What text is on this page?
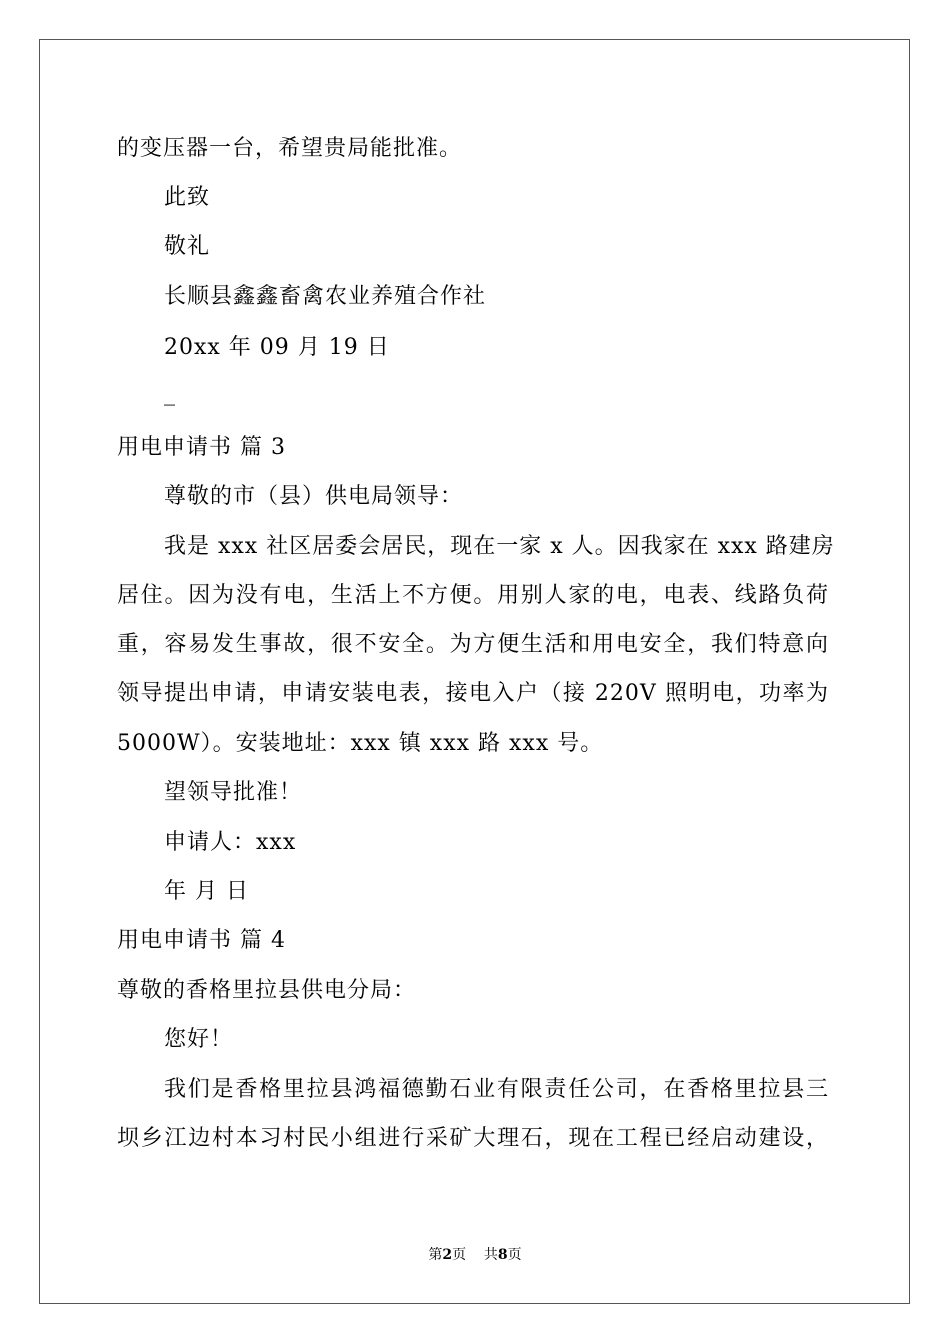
的变压器一台，希望贵局能批准。
此致
敬礼
长顺县鑫鑫畜禽农业养殖合作社
20xx 年 09 月 19 日
_
用电申请书 篇 3
尊敬的市（县）供电局领导：
我是 xxx 社区居委会居民，现在一家 x 人。因我家在 xxx 路建房
居住。因为没有电，生活上不方便。用别人家的电，电表、线路负荷
重，容易发生事故，很不安全。为方便生活和用电安全，我们特意向
领导提出申请，申请安装电表，接电入户（接 220V 照明电，功率为
5000W）。安装地址：xxx 镇 xxx 路 xxx 号。
望领导批准！
申请人：xxx
年 月 日
用电申请书 篇 4
尊敬的香格里拉县供电分局：
您好！
我们是香格里拉县鸿福德勤石业有限责任公司，在香格里拉县三
坝乡江边村本习村民小组进行采矿大理石，现在工程已经启动建设，
第2页    共8页
